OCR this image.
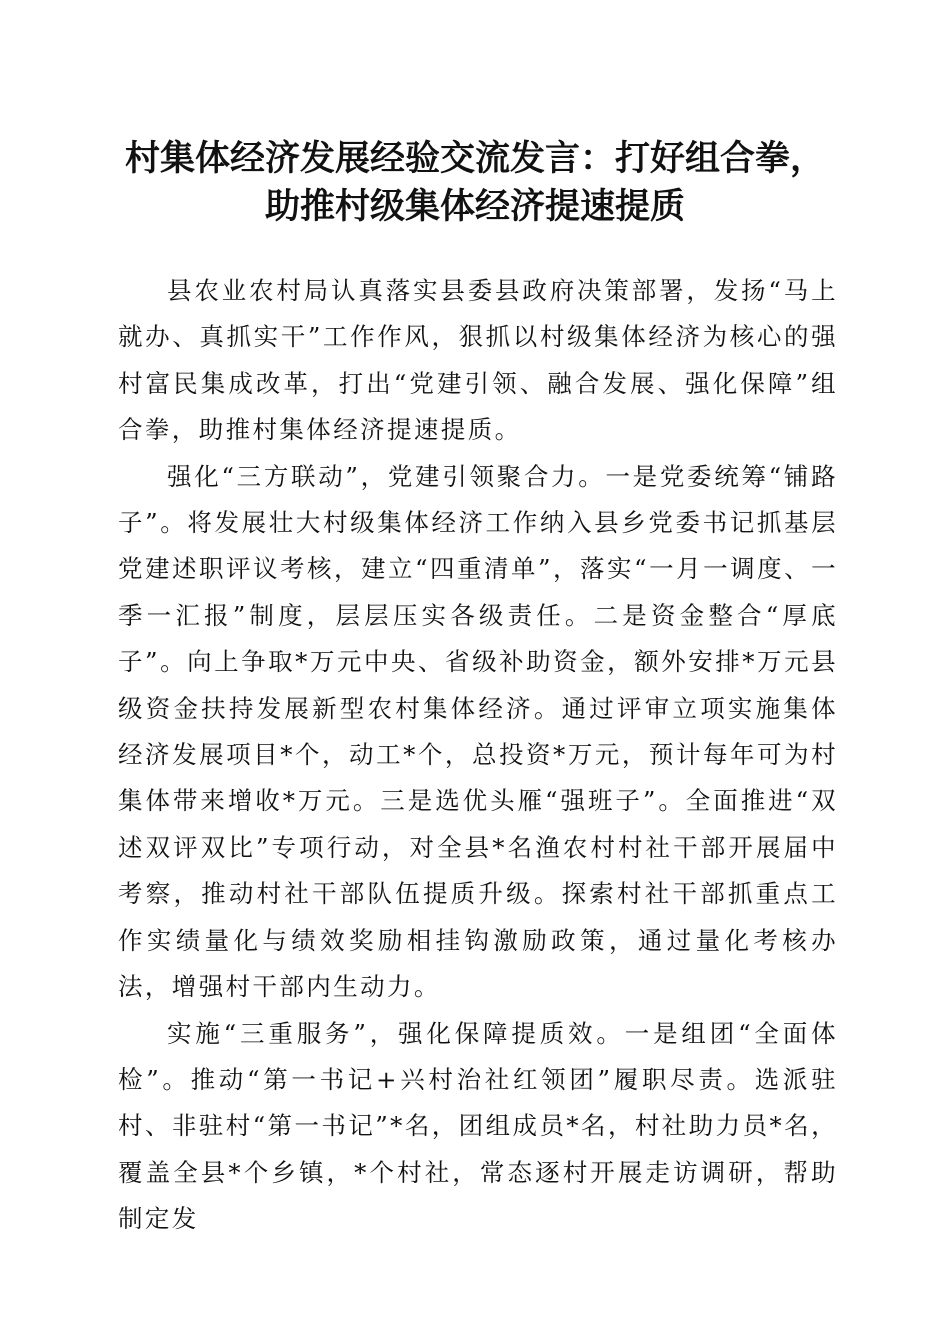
村集体经济发展经验交流发言：打好组合拳，
助推村级集体经济提速提质

县农业农村局认真落实县委县政府决策部署，发扬“马上就办、真抓实干”工作作风，狠抓以村级集体经济为核心的强村富民集成改革，打出“党建引领、融合发展、强化保障”组合拳，助推村集体经济提速提质。

强化“三方联动”，党建引领聚合力。一是党委统筹“铺路子”。将发展壮大村级集体经济工作纳入县乡党委书记抓基层党建述职评议考核，建立“四重清单”，落实“一月一调度、一季一汇报”制度，层层压实各级责任。二是资金整合“厚底子”。向上争取*万元中央、省级补助资金，额外安排*万元县级资金扶持发展新型农村集体经济。通过评审立项实施集体经济发展项目*个，动工*个，总投资*万元，预计每年可为村集体带来增收*万元。三是选优头雁“强班子”。全面推进“双述双评双比”专项行动，对全县*名渔农村村社干部开展届中考察，推动村社干部队伍提质升级。探索村社干部抓重点工作实绩量化与绩效奖励相挂钩激励政策，通过量化考核办法，增强村干部内生动力。

实施“三重服务”，强化保障提质效。一是组团“全面体检”。推动“第一书记+兴村治社红领团”履职尽责。选派驻村、非驻村“第一书记”*名，团组成员*名，村社助力员*名，覆盖全县*个乡镇，*个村社，常态逐村开展走访调研，帮助制定发
